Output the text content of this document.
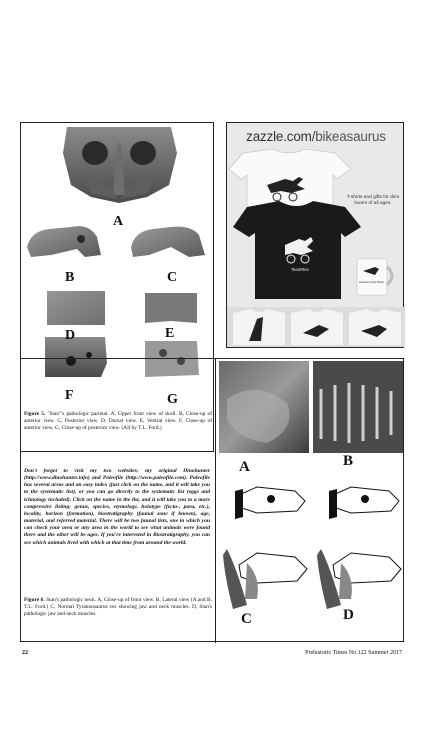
A
B	C
D	E
F	G
Figure 5. "Stan"'s pathologic parietal. A, Upper front view of skull. B, Close-up of anterior view. C, Posterior view. D, Dorsal view. E, Ventral view. F, Close-up of anterior view. G, Close-up of posterior view. (All by T.L. Ford.)
zazzle.com/bikeasaurus
TeamRex
survival of the fittest
T-shirts and gifts for dino lovers of all ages.
A	B
C	D
Figure 6. Stan's pathologic neck. A, Close-up of front view. B, Lateral view (A and B, T.L. Ford.) C, Normal Tyrannosaurus rex showing jaw and neck muscles. D, Stan's pathologic jaw and neck muscles.
Don't forget to visit my two websites; my original Dinohunter (http://www.dinohunter.info) and Paleofile (http://www.paleofile.com). Paleofile has several areas and an easy index (just click on the name, and it will take you to the systematic list), or you can go directly to the systematic list (eggs and ichnology included). Click on the name in the list, and it will take you to a more compressive listing: genus, species, etymology, holotype (fecta-, para, etc.), locality, horizon (formation), biostratigraphy (faunal zone if known), age, material, and referred material. There will be two faunal lists, one in which you can check your area or any area in the world to see what animals were found there and the other will be ages. If you're interested in Biostratigraphy, you can see which animals lived with which at that time from around the world.
22	Prehistoric Times No.122 Summer 2017
